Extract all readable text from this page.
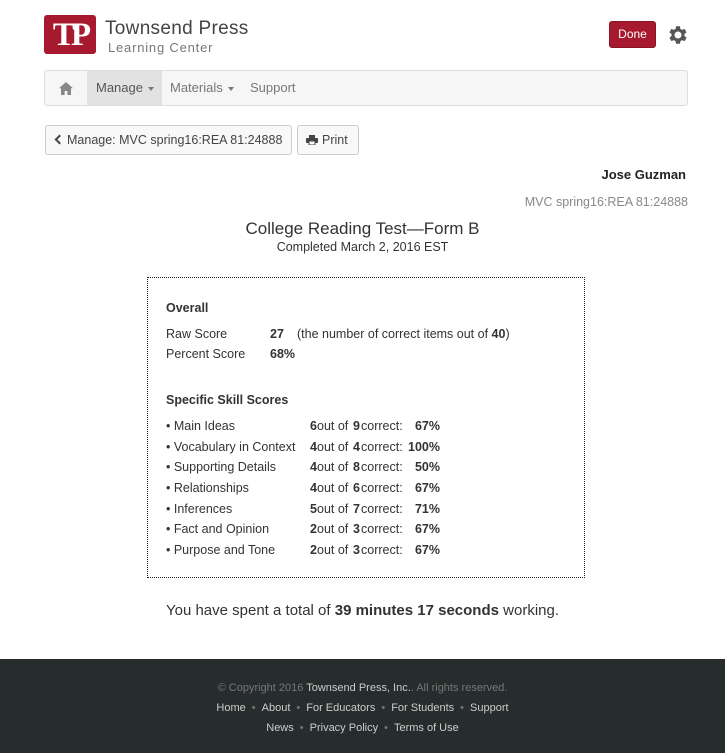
TP Townsend Press
Learning Center
Done
Manage	Materials	Support
Manage: MVC spring16:REA 81:24888	Print
Jose Guzman
MVC spring16:REA 81:24888
College Reading Test—Form B
Completed March 2, 2016 EST
Overall
Raw Score	27 (the number of correct items out of 40)
Percent Score 68%
Specific Skill Scores
• Main Ideas	6 out of 9 correct: 67%
• Vocabulary in Context 4 out of 4 correct: 100%
• Supporting Details	4 out of 8 correct: 50%
• Relationships	4 out of 6 correct: 67%
• Inferences	5 out of 7 correct: 71%
• Fact and Opinion	2 out of 3 correct: 67%
• Purpose and Tone	2 out of 3 correct: 67%
You have spent a total of 39 minutes 17 seconds working.
© Copyright 2016 Townsend Press, Inc.. All rights reserved.
Home • About • For Educators • For Students • Support
News • Privacy Policy • Terms of Use
